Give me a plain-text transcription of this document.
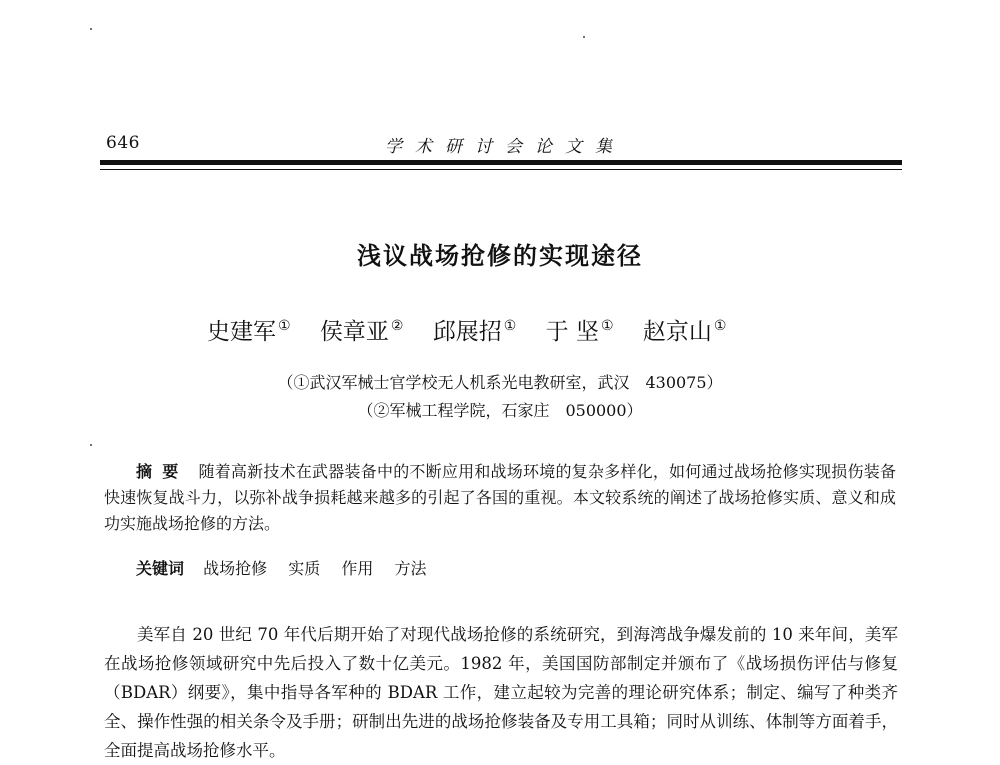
646	学术研讨会论文集
浅议战场抢修的实现途径
史建军 ① 侯章亚 ② 邱展招 ① 于 坚 ① 赵京山 ①
（①武汉军械士官学校无人机系光电教研室，武汉　430075）
（②军械工程学院，石家庄　050000）
摘要 随着高新技术在武器装备中的不断应用和战场环境的复杂多样化，如何通过战场抢修实现损伤装备快速恢复战斗力，以弥补战争损耗越来越多的引起了各国的重视。本文较系统的阐述了战场抢修实质、意义和成功实施战场抢修的方法。
关键词 战场抢修 实质 作用 方法
美军自 20 世纪 70 年代后期开始了对现代战场抢修的系统研究，到海湾战争爆发前的 10 来年间，美军在战场抢修领域研究中先后投入了数十亿美元。1982 年，美国国防部制定并颁布了《战场损伤评估与修复（BDAR）纲要》，集中指导各军种的 BDAR 工作，建立起较为完善的理论研究体系；制定、编写了种类齐全、操作性强的相关条令及手册；研制出先进的战场抢修装备及专用工具箱；同时从训练、体制等方面着手，全面提高战场抢修水平。
